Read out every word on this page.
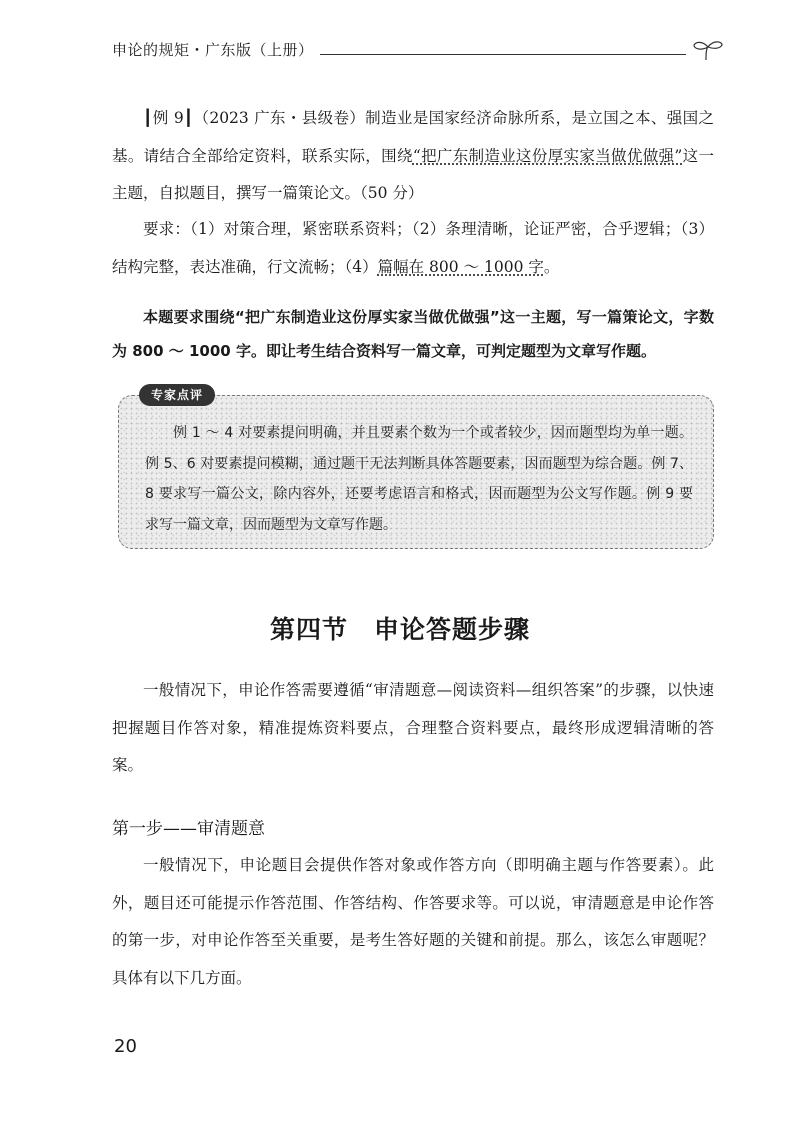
申论的规矩・广东版（上册）
┃例 9┃（2023 广东・县级卷）制造业是国家经济命脉所系，是立国之本、强国之基。请结合全部给定资料，联系实际，围绕“把广东制造业这份厚实家当做优做强”这一主题，自拟题目，撰写一篇策论文。（50 分）
要求：（1）对策合理，紧密联系资料；（2）条理清晰，论证严密，合乎逻辑；（3）结构完整，表达准确，行文流畅；（4）篇幅在 800 ～ 1000 字。
本题要求围绕“把广东制造业这份厚实家当做优做强”这一主题，写一篇策论文，字数为 800 ～ 1000 字。即让考生结合资料写一篇文章，可判定题型为文章写作题。
专家点评
例 1 ～ 4 对要素提问明确，并且要素个数为一个或者较少，因而题型均为单一题。例 5、6 对要素提问模糊，通过题干无法判断具体答题要素，因而题型为综合题。例 7、8 要求写一篇公文，除内容外，还要考虑语言和格式，因而题型为公文写作题。例 9 要求写一篇文章，因而题型为文章写作题。
第四节 申论答题步骤
一般情况下，申论作答需要遵循“审清题意—阅读资料—组织答案”的步骤，以快速把握题目作答对象，精准提炼资料要点，合理整合资料要点，最终形成逻辑清晰的答案。
第一步——审清题意
一般情况下，申论题目会提供作答对象或作答方向（即明确主题与作答要素）。此外，题目还可能提示作答范围、作答结构、作答要求等。可以说，审清题意是申论作答的第一步，对申论作答至关重要，是考生答好题的关键和前提。那么，该怎么审题呢？具体有以下几方面。
20
